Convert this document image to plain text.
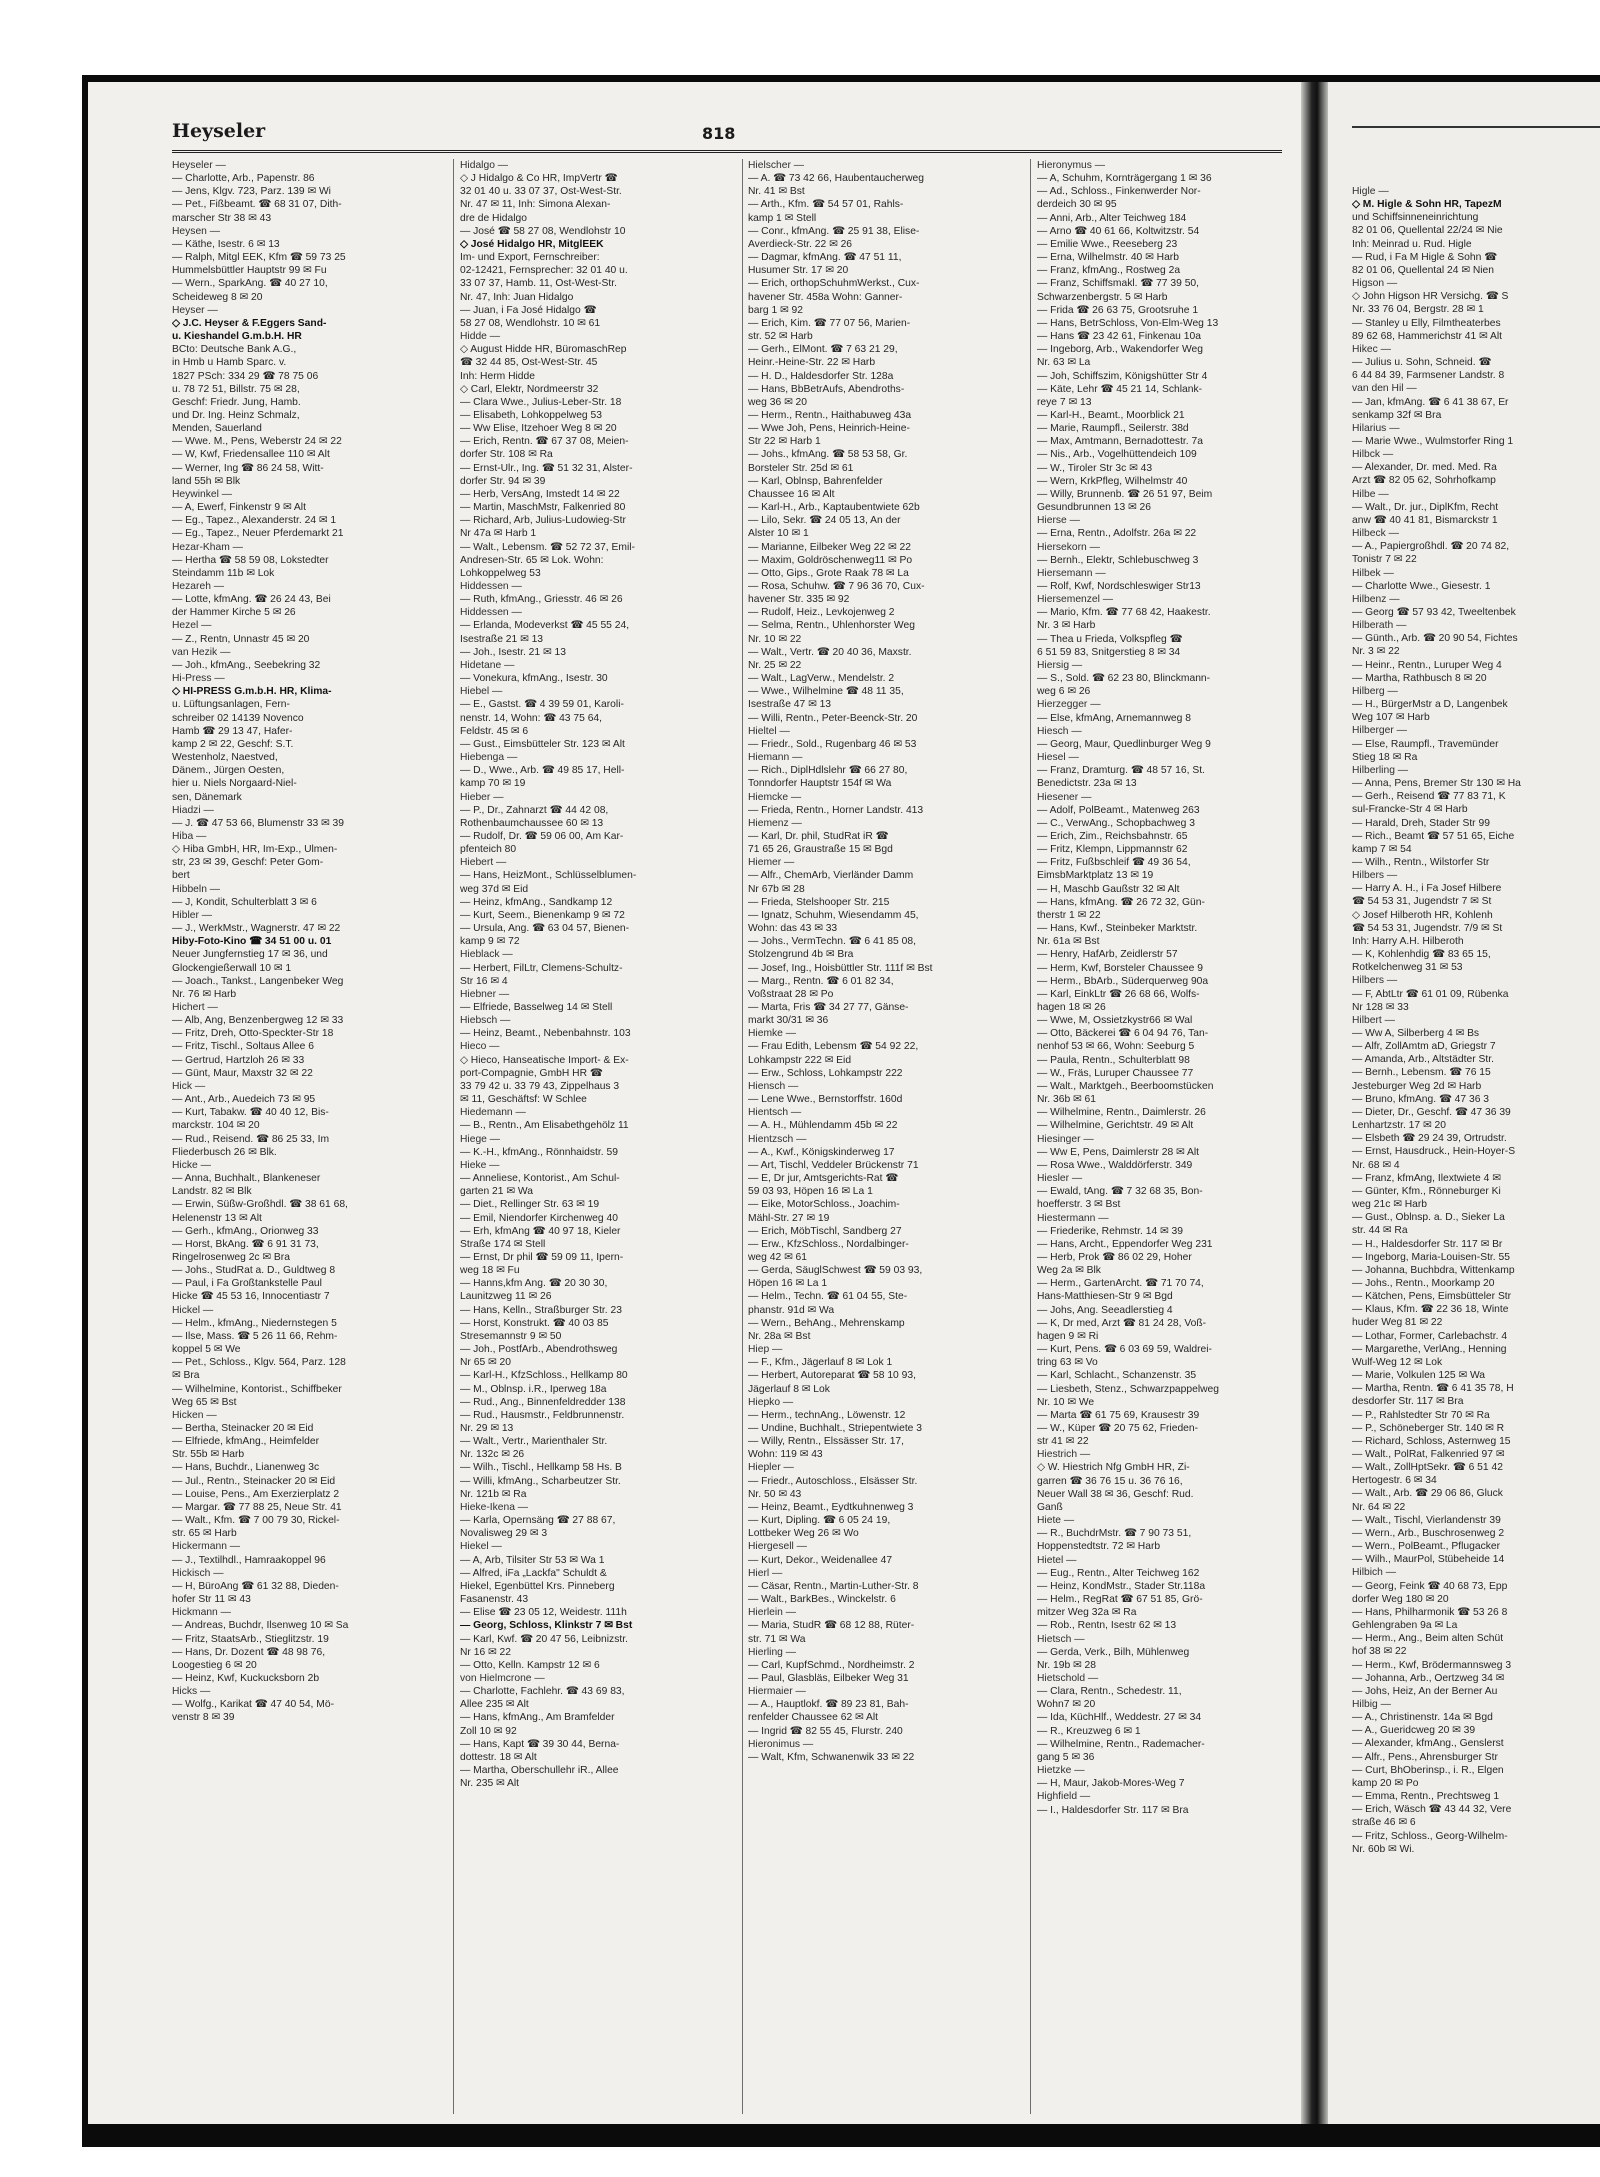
Heyseler	818
Heyseler —
— Charlotte, Arb., Papenstr. 86
— Jens, Klgv. 723, Parz. 139 ✉ Wi
— Pet., Fißbeamt. ☎ 68 31 07, Dith-
marscher Str 38 ✉ 43
Heysen —
— Käthe, Isestr. 6 ✉ 13
— Ralph, Mitgl EEK, Kfm ☎ 59 73 25
Hummelsbüttler Hauptstr 99 ✉ Fu
— Wern., SparkAng. ☎ 40 27 10,
Scheideweg 8 ✉ 20
Heyser —
◇ J.C. Heyser & F.Eggers Sand-
u. Kieshandel G.m.b.H. HR
BCto: Deutsche Bank A.G.,
in Hmb u Hamb Sparc. v.
1827 PSch: 334 29 ☎ 78 75 06
u. 78 72 51, Billstr. 75 ✉ 28,
Geschf: Friedr. Jung, Hamb.
und Dr. Ing. Heinz Schmalz,
Menden, Sauerland
— Wwe. M., Pens, Weberstr 24 ✉ 22
— W, Kwf, Friedensallee 110 ✉ Alt
— Werner, Ing ☎ 86 24 58, Witt-
land 55h ✉ Blk
Heywinkel —
— A, Ewerf, Finkenstr 9 ✉ Alt
— Eg., Tapez., Alexanderstr. 24 ✉ 1
— Eg., Tapez., Neuer Pferdemarkt 21
Hezar-Kham —
— Hertha ☎ 58 59 08, Lokstedter
Steindamm 11b ✉ Lok
Hezareh —
— Lotte, kfmAng. ☎ 26 24 43, Bei
der Hammer Kirche 5 ✉ 26
Hezel —
— Z., Rentn, Unnastr 45 ✉ 20
van Hezik —
— Joh., kfmAng., Seebekring 32
Hi-Press —
◇ HI-PRESS G.m.b.H. HR, Klima-
u. Lüftungsanlagen, Fern-
schreiber 02 14139 Novenco
Hamb ☎ 29 13 47, Hafer-
kamp 2 ✉ 22, Geschf: S.T.
Westenholz, Naestved,
Dänem., Jürgen Oesten,
hier u. Niels Norgaard-Niel-
sen, Dänemark
Hiadzi —
— J. ☎ 47 53 66, Blumenstr 33 ✉ 39
Hiba —
◇ Hiba GmbH, HR, Im-Exp., Ulmen-
str, 23 ✉ 39, Geschf: Peter Gom-
bert
Hibbeln —
— J, Kondit, Schulterblatt 3 ✉ 6
Hibler —
— J., WerkMstr., Wagnerstr. 47 ✉ 22
Hiby-Foto-Kino ☎ 34 51 00 u. 01
Neuer Jungfernstieg 17 ✉ 36, und
Glockengießerwall 10 ✉ 1
— Joach., Tankst., Langenbeker Weg
Nr. 76 ✉ Harb
Hichert —
— Alb, Ang, Benzenbergweg 12 ✉ 33
— Fritz, Dreh, Otto-Speckter-Str 18
— Fritz, Tischl., Soltaus Allee 6
— Gertrud, Hartzloh 26 ✉ 33
— Günt, Maur, Maxstr 32 ✉ 22
Hick —
— Ant., Arb., Auedeich 73 ✉ 95
— Kurt, Tabakw. ☎ 40 40 12, Bis-
marckstr. 104 ✉ 20
— Rud., Reisend. ☎ 86 25 33, Im
Fliederbusch 26 ✉ Blk.
Hicke —
— Anna, Buchhalt., Blankeneser
Landstr. 82 ✉ Blk
— Erwin, Süßw-Großhdl. ☎ 38 61 68,
Helenenstr 13 ✉ Alt
— Gerh., kfmAng., Orionweg 33
— Horst, BkAng. ☎ 6 91 31 73,
Ringelrosenweg 2c ✉ Bra
— Johs., StudRat a. D., Guldtweg 8
— Paul, i Fa Großtankstelle Paul
Hicke ☎ 45 53 16, Innocentiastr 7
Hickel —
— Helm., kfmAng., Niedernstegen 5
— Ilse, Mass. ☎ 5 26 11 66, Rehm-
koppel 5 ✉ We
— Pet., Schloss., Klgv. 564, Parz. 128
✉ Bra
— Wilhelmine, Kontorist., Schiffbeker
Weg 65 ✉ Bst
Hicken —
— Bertha, Steinacker 20 ✉ Eid
— Elfriede, kfmAng., Heimfelder
Str. 55b ✉ Harb
— Hans, Buchdr., Lianenweg 3c
— Jul., Rentn., Steinacker 20 ✉ Eid
— Louise, Pens., Am Exerzierplatz 2
— Margar. ☎ 77 88 25, Neue Str. 41
— Walt., Kfm. ☎ 7 00 79 30, Rickel-
str. 65 ✉ Harb
Hickermann —
— J., Textilhdl., Hamraakoppel 96
Hickisch —
— H, BüroAng ☎ 61 32 88, Dieden-
hofer Str 11 ✉ 43
Hickmann —
— Andreas, Buchdr, Ilsenweg 10 ✉ Sa
— Fritz, StaatsArb., Stieglitzstr. 19
— Hans, Dr. Dozent ☎ 48 98 76,
Loogestieg 6 ✉ 20
— Heinz, Kwf, Kuckucksborn 2b
Hicks —
— Wolfg., Karikat ☎ 47 40 54, Mö-
venstr 8 ✉ 39
Hidalgo —
◇ J Hidalgo & Co HR, ImpVertr ☎
32 01 40 u. 33 07 37, Ost-West-Str.
Nr. 47 ✉ 11, Inh: Simona Alexan-
dre de Hidalgo
— José ☎ 58 27 08, Wendlohstr 10
◇ José Hidalgo HR, MitglEEK
Im- und Export, Fernschreiber:
02-12421, Fernsprecher: 32 01 40 u.
33 07 37, Hamb. 11, Ost-West-Str.
Nr. 47, Inh: Juan Hidalgo
— Juan, i Fa José Hidalgo ☎
58 27 08, Wendlohstr. 10 ✉ 61
Hidde —
◇ August Hidde HR, BüromaschRep
☎ 32 44 85, Ost-West-Str. 45
Inh: Herm Hidde
◇ Carl, Elektr, Nordmeerstr 32
— Clara Wwe., Julius-Leber-Str. 18
— Elisabeth, Lohkoppelweg 53
— Ww Elise, Itzehoer Weg 8 ✉ 20
— Erich, Rentn. ☎ 67 37 08, Meien-
dorfer Str. 108 ✉ Ra
— Ernst-Ulr., Ing. ☎ 51 32 31, Alster-
dorfer Str. 94 ✉ 39
— Herb, VersAng, Imstedt 14 ✉ 22
— Martin, MaschMstr, Falkenried 80
— Richard, Arb, Julius-Ludowieg-Str
Nr 47a ✉ Harb 1
— Walt., Lebensm. ☎ 52 72 37, Emil-
Andresen-Str. 65 ✉ Lok. Wohn:
Lohkoppelweg 53
Hiddessen —
— Ruth, kfmAng., Griesstr. 46 ✉ 26
Hiddessen —
— Erlanda, Modeverkst ☎ 45 55 24,
Isestraße 21 ✉ 13
— Joh., Isestr. 21 ✉ 13
Hidetane —
— Vonekura, kfmAng., Isestr. 30
Hiebel —
— E., Gastst. ☎ 4 39 59 01, Karoli-
nenstr. 14, Wohn: ☎ 43 75 64,
Feldstr. 45 ✉ 6
— Gust., Eimsbütteler Str. 123 ✉ Alt
Hiebenga —
— D., Wwe., Arb. ☎ 49 85 17, Hell-
kamp 70 ✉ 19
Hieber —
— P., Dr., Zahnarzt ☎ 44 42 08,
Rothenbaumchaussee 60 ✉ 13
— Rudolf, Dr. ☎ 59 06 00, Am Kar-
pfenteich 80
Hiebert —
— Hans, HeizMont., Schlüsselblumen-
weg 37d ✉ Eid
— Heinz, kfmAng., Sandkamp 12
— Kurt, Seem., Bienenkamp 9 ✉ 72
— Ursula, Ang. ☎ 63 04 57, Bienen-
kamp 9 ✉ 72
Hieblack —
— Herbert, FilLtr, Clemens-Schultz-
Str 16 ✉ 4
Hiebner —
— Elfriede, Basselweg 14 ✉ Stell
Hiebsch —
— Heinz, Beamt., Nebenbahnstr. 103
Hieco —
◇ Hieco, Hanseatische Import- & Ex-
port-Compagnie, GmbH HR ☎
33 79 42 u. 33 79 43, Zippelhaus 3
✉ 11, Geschäftsf: W Schlee
Hiedemann —
— B., Rentn., Am Elisabethgehölz 11
Hiege —
— K.-H., kfmAng., Rönnhaidstr. 59
Hieke —
— Anneliese, Kontorist., Am Schul-
garten 21 ✉ Wa
— Diet., Rellinger Str. 63 ✉ 19
— Emil, Niendorfer Kirchenweg 40
— Erh, kfmAng ☎ 40 97 18, Kieler
Straße 174 ✉ Stell
— Ernst, Dr phil ☎ 59 09 11, Ipern-
weg 18 ✉ Fu
— Hanns,kfm Ang. ☎ 20 30 30,
Launitzweg 11 ✉ 26
— Hans, Kelln., Straßburger Str. 23
— Horst, Konstrukt. ☎ 40 03 85
Stresemannstr 9 ✉ 50
— Joh., PostfArb., Abendrothsweg
Nr 65 ✉ 20
— Karl-H., KfzSchloss., Hellkamp 80
— M., Oblnsp. i.R., Iperweg 18a
— Rud., Ang., Binnenfeldredder 138
— Rud., Hausmstr., Feldbrunnenstr.
Nr. 29 ✉ 13
— Walt., Vertr., Marienthaler Str.
Nr. 132c ✉ 26
— Wilh., Tischl., Hellkamp 58 Hs. B
— Willi, kfmAng., Scharbeutzer Str.
Nr. 121b ✉ Ra
Hieke-Ikena —
— Karla, Opernsäng ☎ 27 88 67,
Novalisweg 29 ✉ 3
Hiekel —
— A, Arb, Tilsiter Str 53 ✉ Wa 1
— Alfred, iFa „Lackfa" Schuldt &
Hiekel, Egenbüttel Krs. Pinneberg
Fasanenstr. 43
— Elise ☎ 23 05 12, Weidestr. 111h
— Georg, Schloss, Klinkstr 7 ✉ Bst
— Karl, Kwf. ☎ 20 47 56, Leibnizstr.
Nr 16 ✉ 22
— Otto, Kelln. Kampstr 12 ✉ 6
von Hielmcrone —
— Charlotte, Fachlehr. ☎ 43 69 83,
Allee 235 ✉ Alt
— Hans, kfmAng., Am Bramfelder
Zoll 10 ✉ 92
— Hans, Kapt ☎ 39 30 44, Berna-
dottestr. 18 ✉ Alt
— Martha, Oberschullehr iR., Allee
Nr. 235 ✉ Alt
Hielscher —
— A. ☎ 73 42 66, Haubentaucherweg
Nr. 41 ✉ Bst
— Arth., Kfm. ☎ 54 57 01, Rahls-
kamp 1 ✉ Stell
— Conr., kfmAng. ☎ 25 91 38, Elise-
Averdieck-Str. 22 ✉ 26
— Dagmar, kfmAng. ☎ 47 51 11,
Husumer Str. 17 ✉ 20
— Erich, orthopSchuhmWerkst., Cux-
havener Str. 458a Wohn: Ganner-
barg 1 ✉ 92
— Erich, Kim. ☎ 77 07 56, Marien-
str. 52 ✉ Harb
— Gerh., ElMont. ☎ 7 63 21 29,
Heinr.-Heine-Str. 22 ✉ Harb
— H. D., Haldesdorfer Str. 128a
— Hans, BbBetrAufs, Abendroths-
weg 36 ✉ 20
— Herm., Rentn., Haithabuweg 43a
— Wwe Joh, Pens, Heinrich-Heine-
Str 22 ✉ Harb 1
— Johs., kfmAng. ☎ 58 53 58, Gr.
Borsteler Str. 25d ✉ 61
— Karl, Oblnsp, Bahrenfelder
Chaussee 16 ✉ Alt
— Karl-H., Arb., Kaptaubentwiete 62b
— Lilo, Sekr. ☎ 24 05 13, An der
Alster 10 ✉ 1
— Marianne, Eilbeker Weg 22 ✉ 22
— Maxim, Goldröschenweg11 ✉ Po
— Otto, Gips., Grote Raak 78 ✉ La
— Rosa, Schuhw. ☎ 7 96 36 70, Cux-
havener Str. 335 ✉ 92
— Rudolf, Heiz., Levkojenweg 2
— Selma, Rentn., Uhlenhorster Weg
Nr. 10 ✉ 22
— Walt., Vertr. ☎ 20 40 36, Maxstr.
Nr. 25 ✉ 22
— Walt., LagVerw., Mendelstr. 2
— Wwe., Wilhelmine ☎ 48 11 35,
Isestraße 47 ✉ 13
— Willi, Rentn., Peter-Beenck-Str. 20
Hieltel —
— Friedr., Sold., Rugenbarg 46 ✉ 53
Hiemann —
— Rich., DiplHdlslehr ☎ 66 27 80,
Tonndorfer Hauptstr 154f ✉ Wa
Hiemcke —
— Frieda, Rentn., Horner Landstr. 413
Hiemenz —
— Karl, Dr. phil, StudRat iR ☎
71 65 26, Graustraße 15 ✉ Bgd
Hiemer —
— Alfr., ChemArb, Vierländer Damm
Nr 67b ✉ 28
— Frieda, Stelshooper Str. 215
— Ignatz, Schuhm, Wiesendamm 45,
Wohn: das 43 ✉ 33
— Johs., VermTechn. ☎ 6 41 85 08,
Stolzengrund 4b ✉ Bra
— Josef, Ing., Hoisbüttler Str. 111f ✉ Bst
— Marg., Rentn. ☎ 6 01 82 34,
Voßstraat 28 ✉ Po
— Marta, Fris ☎ 34 27 77, Gänse-
markt 30/31 ✉ 36
Hiemke —
— Frau Edith, Lebensm ☎ 54 92 22,
Lohkampstr 222 ✉ Eid
— Erw., Schloss, Lohkampstr 222
Hiensch —
— Lene Wwe., Bernstorffstr. 160d
Hientsch —
— A. H., Mühlendamm 45b ✉ 22
Hientzsch —
— A., Kwf., Königskinderweg 17
— Art, Tischl, Veddeler Brückenstr 71
— E, Dr jur, Amtsgerichts-Rat ☎
59 03 93, Höpen 16 ✉ La 1
— Eike, MotorSchloss., Joachim-
Mähl-Str. 27 ✉ 19
— Erich, MöbTischl, Sandberg 27
— Erw., KfzSchloss., Nordalbinger-
weg 42 ✉ 61
— Gerda, SäuglSchwest ☎ 59 03 93,
Höpen 16 ✉ La 1
— Helm., Techn. ☎ 61 04 55, Ste-
phanstr. 91d ✉ Wa
— Wern., BehAng., Mehrenskamp
Nr. 28a ✉ Bst
Hiep —
— F., Kfm., Jägerlauf 8 ✉ Lok 1
— Herbert, Autoreparat ☎ 58 10 93,
Jägerlauf 8 ✉ Lok
Hiepko —
— Herm., technAng., Löwenstr. 12
— Undine, Buchhalt., Striepentwiete 3
— Willy, Rentn., Elssässer Str. 17,
Wohn: 119 ✉ 43
Hiepler —
— Friedr., Autoschloss., Elsässer Str.
Nr. 50 ✉ 43
— Heinz, Beamt., Eydtkuhnenweg 3
— Kurt, Dipling. ☎ 6 05 24 19,
Lottbeker Weg 26 ✉ Wo
Hiergesell —
— Kurt, Dekor., Weidenallee 47
Hierl —
— Cäsar, Rentn., Martin-Luther-Str. 8
— Walt., BarkBes., Winckelstr. 6
Hierlein —
— Maria, StudR ☎ 68 12 88, Rüter-
str. 71 ✉ Wa
Hierling —
— Carl, KupfSchmd., Nordheimstr. 2
— Paul, Glasbläs, Eilbeker Weg 31
Hiermaier —
— A., Hauptlokf. ☎ 89 23 81, Bah-
renfelder Chaussee 62 ✉ Alt
— Ingrid ☎ 82 55 45, Flurstr. 240
Hieronimus —
— Walt, Kfm, Schwanenwik 33 ✉ 22
Hieronymus —
— A, Schuhm, Kornträgergang 1 ✉ 36
— Ad., Schloss., Finkenwerder Nor-
derdeich 30 ✉ 95
— Anni, Arb., Alter Teichweg 184
— Arno ☎ 40 61 66, Koltwitzstr. 54
— Emilie Wwe., Reeseberg 23
— Erna, Wilhelmstr. 40 ✉ Harb
— Franz, kfmAng., Rostweg 2a
— Franz, Schiffsmakl. ☎ 77 39 50,
Schwarzenbergstr. 5 ✉ Harb
— Frida ☎ 26 63 75, Grootsruhe 1
— Hans, BetrSchloss, Von-Elm-Weg 13
— Hans ☎ 23 42 61, Finkenau 10a
— Ingeborg, Arb., Wakendorfer Weg
Nr. 63 ✉ La
— Joh, Schiffszim, Königshütter Str 4
— Käte, Lehr ☎ 45 21 14, Schlank-
reye 7 ✉ 13
— Karl-H., Beamt., Moorblick 21
— Marie, Raumpfl., Seilerstr. 38d
— Max, Amtmann, Bernadottestr. 7a
— Nis., Arb., Vogelhüttendeich 109
— W., Tiroler Str 3c ✉ 43
— Wern, KrkPfleg, Wilhelmstr 40
— Willy, Brunnenb. ☎ 26 51 97, Beim
Gesundbrunnen 13 ✉ 26
Hierse —
— Erna, Rentn., Adolfstr. 26a ✉ 22
Hiersekorn —
— Bernh., Elektr, Schlebuschweg 3
Hiersemann —
— Rolf, Kwf, Nordschleswiger Str13
Hiersemenzel —
— Mario, Kfm. ☎ 77 68 42, Haakestr.
Nr. 3 ✉ Harb
— Thea u Frieda, Volkspfleg ☎
6 51 59 83, Snitgerstieg 8 ✉ 34
Hiersig —
— S., Sold. ☎ 62 23 80, Blinckmann-
weg 6 ✉ 26
Hierzegger —
— Else, kfmAng, Arnemannweg 8
Hiesch —
— Georg, Maur, Quedlinburger Weg 9
Hiesel —
— Franz, Dramturg. ☎ 48 57 16, St.
Benedictstr. 23a ✉ 13
Hiesener —
— Adolf, PolBeamt., Matenweg 263
— C., VerwAng., Schopbachweg 3
— Erich, Zim., Reichsbahnstr. 65
— Fritz, Klempn, Lippmannstr 62
— Fritz, Fußbschleif ☎ 49 36 54,
EimsbMarktplatz 13 ✉ 19
— H, Maschb Gaußstr 32 ✉ Alt
— Hans, kfmAng. ☎ 26 72 32, Gün-
therstr 1 ✉ 22
— Hans, Kwf., Steinbeker Marktstr.
Nr. 61a ✉ Bst
— Henry, HafArb, Zeidlerstr 57
— Herm, Kwf, Borsteler Chaussee 9
— Herm., BbArb., Süderquerweg 90a
— Karl, EinkLtr ☎ 26 68 66, Wolfs-
hagen 18 ✉ 26
— Wwe, M, Ossietzkystr66 ✉ Wal
— Otto, Bäckerei ☎ 6 04 94 76, Tan-
nenhof 53 ✉ 66, Wohn: Seeburg 5
— Paula, Rentn., Schulterblatt 98
— W., Fräs, Luruper Chaussee 77
— Walt., Marktgeh., Beerboomstücken
Nr. 36b ✉ 61
— Wilhelmine, Rentn., Daimlerstr. 26
— Wilhelmine, Gerichtstr. 49 ✉ Alt
Hiesinger —
— Ww E, Pens, Daimlerstr 28 ✉ Alt
— Rosa Wwe., Walddörferstr. 349
Hiesler —
— Ewald, tAng. ☎ 7 32 68 35, Bon-
hoefferstr. 3 ✉ Bst
Hiestermann —
— Friederike, Rehmstr. 14 ✉ 39
— Hans, Archt., Eppendorfer Weg 231
— Herb, Prok ☎ 86 02 29, Hoher
Weg 2a ✉ Blk
— Herm., GartenArcht. ☎ 71 70 74,
Hans-Matthiesen-Str 9 ✉ Bgd
— Johs, Ang. Seeadlerstieg 4
— K, Dr med, Arzt ☎ 81 24 28, Voß-
hagen 9 ✉ Ri
— Kurt, Pens. ☎ 6 03 69 59, Waldrei-
tring 63 ✉ Vo
— Karl, Schlacht., Schanzenstr. 35
— Liesbeth, Stenz., Schwarzpappelweg
Nr. 10 ✉ We
— Marta ☎ 61 75 69, Krausestr 39
— W., Küper ☎ 20 75 62, Frieden-
str 41 ✉ 22
Hiestrich —
◇ W. Hiestrich Nfg GmbH HR, Zi-
garren ☎ 36 76 15 u. 36 76 16,
Neuer Wall 38 ✉ 36, Geschf: Rud.
Ganß
Hiete —
— R., BuchdrMstr. ☎ 7 90 73 51,
Hoppenstedtstr. 72 ✉ Harb
Hietel —
— Eug., Rentn., Alter Teichweg 162
— Heinz, KondMstr., Stader Str.118a
— Helm., RegRat ☎ 67 51 85, Grö-
mitzer Weg 32a ✉ Ra
— Rob., Rentn, Isestr 62 ✉ 13
Hietsch —
— Gerda, Verk., Bilh, Mühlenweg
Nr. 19b ✉ 28
Hietschold —
— Clara, Rentn., Schedestr. 11,
Wohn7 ✉ 20
— Ida, KüchHlf., Weddestr. 27 ✉ 34
— R., Kreuzweg 6 ✉ 1
— Wilhelmine, Rentn., Rademacher-
gang 5 ✉ 36
Hietzke —
— H, Maur, Jakob-Mores-Weg 7
Highfield —
— I., Haldesdorfer Str. 117 ✉ Bra
Higle —
◇ M. Higle & Sohn HR, TapezM
und Schiffsinneneinrichtung
82 01 06, Quellental 22/24 ✉ Nie
Inh: Meinrad u. Rud. Higle
— Rud, i Fa M Higle & Sohn ☎
82 01 06, Quellental 24 ✉ Nien
Higson —
◇ John Higson HR Versichg. ☎ S
Nr. 33 76 04, Bergstr. 28 ✉ 1
— Stanley u Elly, Filmtheaterbes
89 62 68, Hammerichstr 41 ✉ Alt
Hikec —
— Julius u. Sohn, Schneid. ☎
6 44 84 39, Farmsener Landstr. 8
van den Hil —
— Jan, kfmAng. ☎ 6 41 38 67, Er
senkamp 32f ✉ Bra
Hilarius —
— Marie Wwe., Wulmstorfer Ring 1
Hilbck —
— Alexander, Dr. med. Med. Ra
Arzt ☎ 82 05 62, Sohrhofkamp
Hilbe —
— Walt., Dr. jur., DiplKfm, Recht
anw ☎ 40 41 81, Bismarckstr 1
Hilbeck —
— A., Papiergroßhdl. ☎ 20 74 82,
Tonistr 7 ✉ 22
Hilbek —
— Charlotte Wwe., Giesestr. 1
Hilbenz —
— Georg ☎ 57 93 42, Tweeltenbek
Hilberath —
— Günth., Arb. ☎ 20 90 54, Fichtes
Nr. 3 ✉ 22
— Heinr., Rentn., Luruper Weg 4
— Martha, Rathbusch 8 ✉ 20
Hilberg —
— H., BürgerMstr a D, Langenbek
Weg 107 ✉ Harb
Hilberger —
— Else, Raumpfl., Travemünder
Stieg 18 ✉ Ra
Hilberling —
— Anna, Pens, Bremer Str 130 ✉ Ha
— Gerh., Reisend ☎ 77 83 71, K
sul-Francke-Str 4 ✉ Harb
— Harald, Dreh, Stader Str 99
— Rich., Beamt ☎ 57 51 65, Eiche
kamp 7 ✉ 54
— Wilh., Rentn., Wilstorfer Str
Hilbers —
— Harry A. H., i Fa Josef Hilbere
☎ 54 53 31, Jugendstr 7 ✉ St
◇ Josef Hilberoth HR, Kohlenh
☎ 54 53 31, Jugendstr. 7/9 ✉ St
Inh: Harry A.H. Hilberoth
— K, Kohlenhdig ☎ 83 65 15,
Rotkelchenweg 31 ✉ 53
Hilbers —
— F, AbtLtr ☎ 61 01 09, Rübenka
Nr 128 ✉ 33
Hilbert —
— Ww A, Silberberg 4 ✉ Bs
— Alfr, ZollAmtm aD, Griegstr 7
— Amanda, Arb., Altstädter Str.
— Bernh., Lebensm. ☎ 76 15
Jesteburger Weg 2d ✉ Harb
— Bruno, kfmAng. ☎ 47 36 3
— Dieter, Dr., Geschf. ☎ 47 36 39
Lenhartzstr. 17 ✉ 20
— Elsbeth ☎ 29 24 39, Ortrudstr.
— Ernst, Hausdruck., Hein-Hoyer-S
Nr. 68 ✉ 4
— Franz, kfmAng, Ilextwiete 4 ✉
— Günter, Kfm., Rönneburger Ki
weg 21c ✉ Harb
— Gust., Oblnsp. a. D., Sieker La
str. 44 ✉ Ra
— H., Haldesdorfer Str. 117 ✉ Br
— Ingeborg, Maria-Louisen-Str. 55
— Johanna, Buchbdra, Wittenkamp
— Johs., Rentn., Moorkamp 20
— Kätchen, Pens, Eimsbütteler Str
— Klaus, Kfm. ☎ 22 36 18, Winte
huder Weg 81 ✉ 22
— Lothar, Former, Carlebachstr. 4
— Margarethe, VerlAng., Henning
Wulf-Weg 12 ✉ Lok
— Marie, Volkulen 125 ✉ Wa
— Martha, Rentn. ☎ 6 41 35 78, H
desdorfer Str. 117 ✉ Bra
— P., Rahlstedter Str 70 ✉ Ra
— P., Schöneberger Str. 140 ✉ R
— Richard, Schloss, Asternweg 15
— Walt., PolRat, Falkenried 97 ✉
— Walt., ZollHptSekr. ☎ 6 51 42
Hertogestr. 6 ✉ 34
— Walt., Arb. ☎ 29 06 86, Gluck
Nr. 64 ✉ 22
— Walt., Tischl, Vierlandenstr 39
— Wern., Arb., Buschrosenweg 2
— Wern., PolBeamt., Pflugacker
— Wilh., MaurPol, Stübeheide 14
Hilbich —
— Georg, Feink ☎ 40 68 73, Epp
dorfer Weg 180 ✉ 20
— Hans, Philharmonik ☎ 53 26 8
Gehlengraben 9a ✉ La
— Herm., Ang., Beim alten Schüt
hof 38 ✉ 22
— Herm., Kwf, Brödermannsweg 3
— Johanna, Arb., Oertzweg 34 ✉
— Johs, Heiz, An der Berner Au
Hilbig —
— A., Christinenstr. 14a ✉ Bgd
— A., Gueridcweg 20 ✉ 39
— Alexander, kfmAng., Genslerst
— Alfr., Pens., Ahrensburger Str
— Curt, BhOberinsp., i. R., Elgen
kamp 20 ✉ Po
— Emma, Rentn., Prechtsweg 1
— Erich, Wäsch ☎ 43 44 32, Vere
straße 46 ✉ 6
— Fritz, Schloss., Georg-Wilhelm-
Nr. 60b ✉ Wi.
